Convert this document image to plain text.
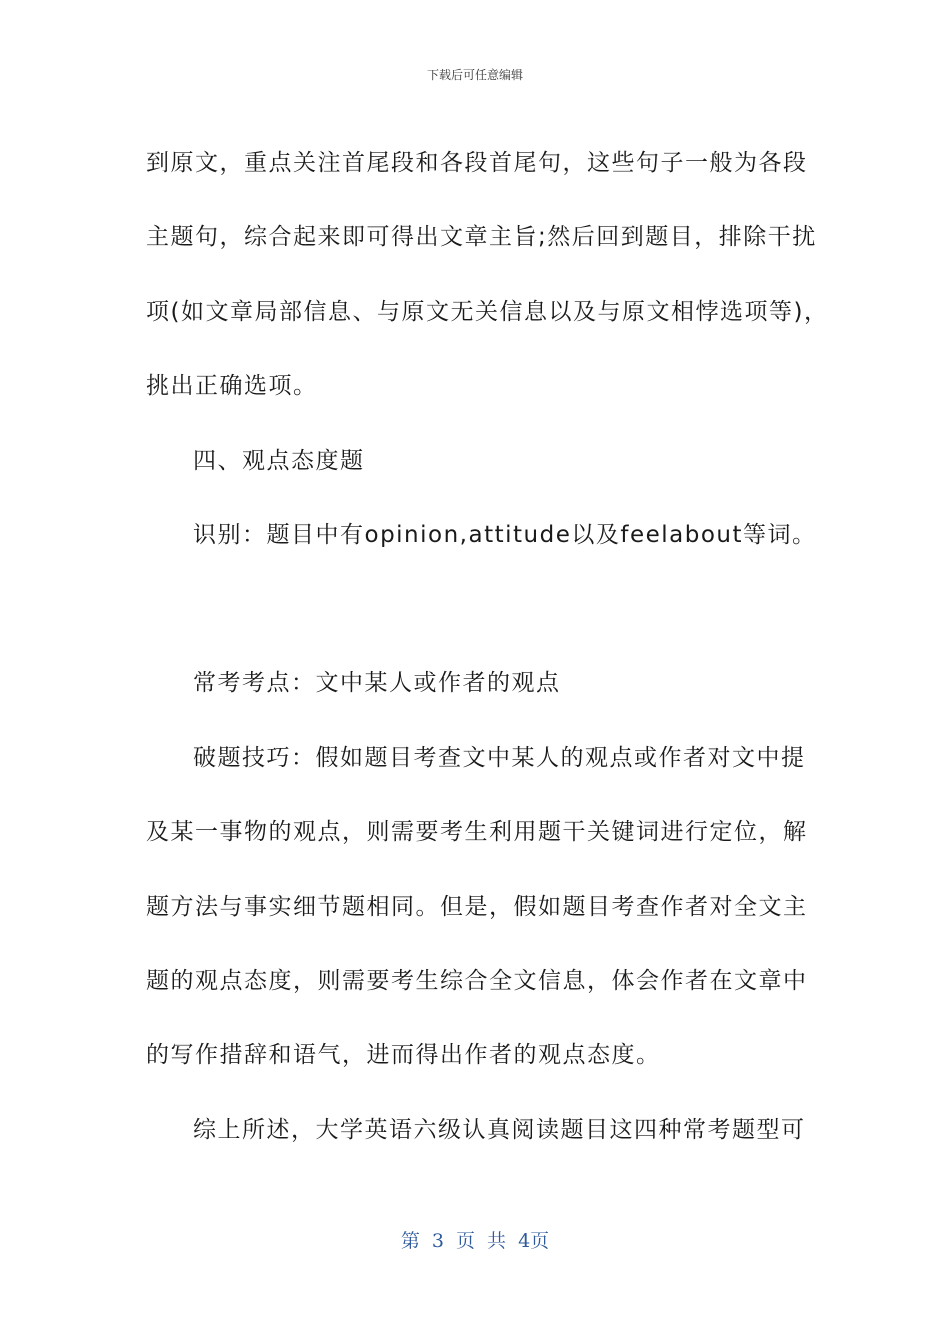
下载后可任意编辑

到原文，重点关注首尾段和各段首尾句，这些句子一般为各段

主题句，综合起来即可得出文章主旨;然后回到题目，排除干扰

项(如文章局部信息、与原文无关信息以及与原文相悖选项等)，

挑出正确选项。

四、观点态度题

识别：题目中有opinion,attitude以及feelabout等词。

常考考点：文中某人或作者的观点

破题技巧：假如题目考查文中某人的观点或作者对文中提

及某一事物的观点，则需要考生利用题干关键词进行定位，解

题方法与事实细节题相同。但是，假如题目考查作者对全文主

题的观点态度，则需要考生综合全文信息，体会作者在文章中

的写作措辞和语气，进而得出作者的观点态度。

综上所述，大学英语六级认真阅读题目这四种常考题型可

第 3 页 共 4页
